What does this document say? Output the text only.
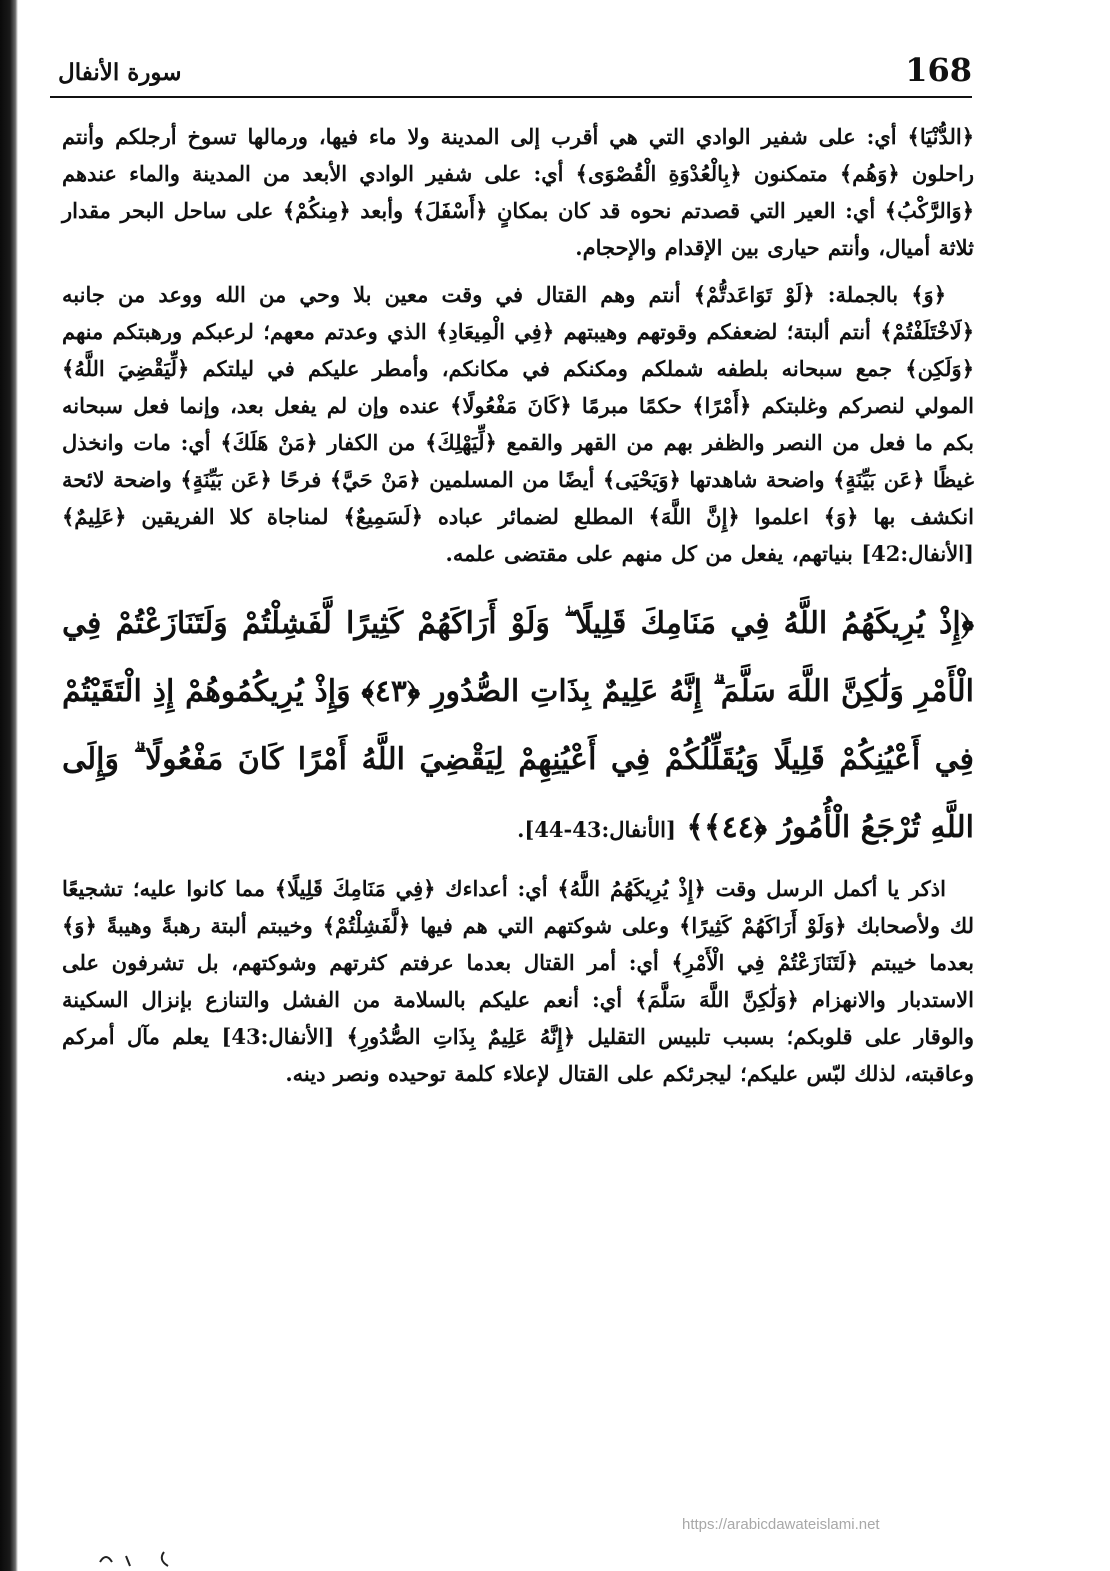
168
سورة الأنفال

﴿الدُّنْيَا﴾ أي: على شفير الوادي التي هي أقرب إلى المدينة ولا ماء فيها، ورمالها تسوخ أرجلكم وأنتم راحلون ﴿وَهُم﴾ متمكنون ﴿بِالْعُدْوَةِ الْقُصْوَى﴾ أي: على شفير الوادي الأبعد من المدينة والماء عندهم ﴿وَالرَّكْبُ﴾ أي: العير التي قصدتم نحوه قد كان بمكانٍ ﴿أَسْفَلَ﴾ وأبعد ﴿مِنكُمْ﴾ على ساحل البحر مقدار ثلاثة أميال، وأنتم حيارى بين الإقدام والإحجام.

﴿وَ﴾ بالجملة: ﴿لَوْ تَوَاعَدتُّمْ﴾ أنتم وهم القتال في وقت معين بلا وحي من الله ووعد من جانبه ﴿لَاخْتَلَفْتُمْ﴾ أنتم ألبتة؛ لضعفكم وقوتهم وهيبتهم ﴿فِي الْمِيعَادِ﴾ الذي وعدتم معهم؛ لرعبكم ورهبتكم منهم ﴿وَلَكِن﴾ جمع سبحانه بلطفه شملكم ومكنكم في مكانكم، وأمطر عليكم في ليلتكم ﴿لِّيَقْضِيَ اللَّهُ﴾ المولي لنصركم وغلبتكم ﴿أَمْرًا﴾ حكمًا مبرمًا ﴿كَانَ مَفْعُولًا﴾ عنده وإن لم يفعل بعد، وإنما فعل سبحانه بكم ما فعل من النصر والظفر بهم من القهر والقمع ﴿لِّيَهْلِكَ﴾ من الكفار ﴿مَنْ هَلَكَ﴾ أي: مات وانخذل غيظًا ﴿عَن بَيِّنَةٍ﴾ واضحة شاهدتها ﴿وَيَحْيَى﴾ أيضًا من المسلمين ﴿مَنْ حَيَّ﴾ فرحًا ﴿عَن بَيِّنَةٍ﴾ واضحة لائحة انكشف بها ﴿وَ﴾ اعلموا ﴿إِنَّ اللَّهَ﴾ المطلع لضمائر عباده ﴿لَسَمِيعٌ﴾ لمناجاة كلا الفريقين ﴿عَلِيمٌ﴾ [الأنفال:42] بنياتهم، يفعل من كل منهم على مقتضى علمه.

﴿إِذْ يُرِيكَهُمُ اللَّهُ فِي مَنَامِكَ قَلِيلًا ۖ وَلَوْ أَرَاكَهُمْ كَثِيرًا لَّفَشِلْتُمْ وَلَتَنَازَعْتُمْ فِي الْأَمْرِ وَلَٰكِنَّ اللَّهَ سَلَّمَ ۗ إِنَّهُ عَلِيمٌ بِذَاتِ الصُّدُورِ ﴿٤٣﴾ وَإِذْ يُرِيكُمُوهُمْ إِذِ الْتَقَيْتُمْ فِي أَعْيُنِكُمْ قَلِيلًا وَيُقَلِّلُكُمْ فِي أَعْيُنِهِمْ لِيَقْضِيَ اللَّهُ أَمْرًا كَانَ مَفْعُولًا ۗ وَإِلَى اللَّهِ تُرْجَعُ الْأُمُورُ ﴿٤٤﴾﴾ [الأنفال:43-44].

اذكر يا أكمل الرسل وقت ﴿إِذْ يُرِيكَهُمُ اللَّهُ﴾ أي: أعداءك ﴿فِي مَنَامِكَ قَلِيلًا﴾ مما كانوا عليه؛ تشجيعًا لك ولأصحابك ﴿وَلَوْ أَرَاكَهُمْ كَثِيرًا﴾ وعلى شوكتهم التي هم فيها ﴿لَّفَشِلْتُمْ﴾ وخيبتم ألبتة رهبةً وهيبةً ﴿وَ﴾ بعدما خيبتم ﴿لَتَنَازَعْتُمْ فِي الْأَمْرِ﴾ أي: أمر القتال بعدما عرفتم كثرتهم وشوكتهم، بل تشرفون على الاستدبار والانهزام ﴿وَلَٰكِنَّ اللَّهَ سَلَّمَ﴾ أي: أنعم عليكم بالسلامة من الفشل والتنازع بإنزال السكينة والوقار على قلوبكم؛ بسبب تلبيس التقليل ﴿إِنَّهُ عَلِيمٌ بِذَاتِ الصُّدُورِ﴾ [الأنفال:43] يعلم مآل أمركم وعاقبته، لذلك لبّس عليكم؛ ليجرئكم على القتال لإعلاء كلمة توحيده ونصر دينه.

https://arabicdawateislami.net
